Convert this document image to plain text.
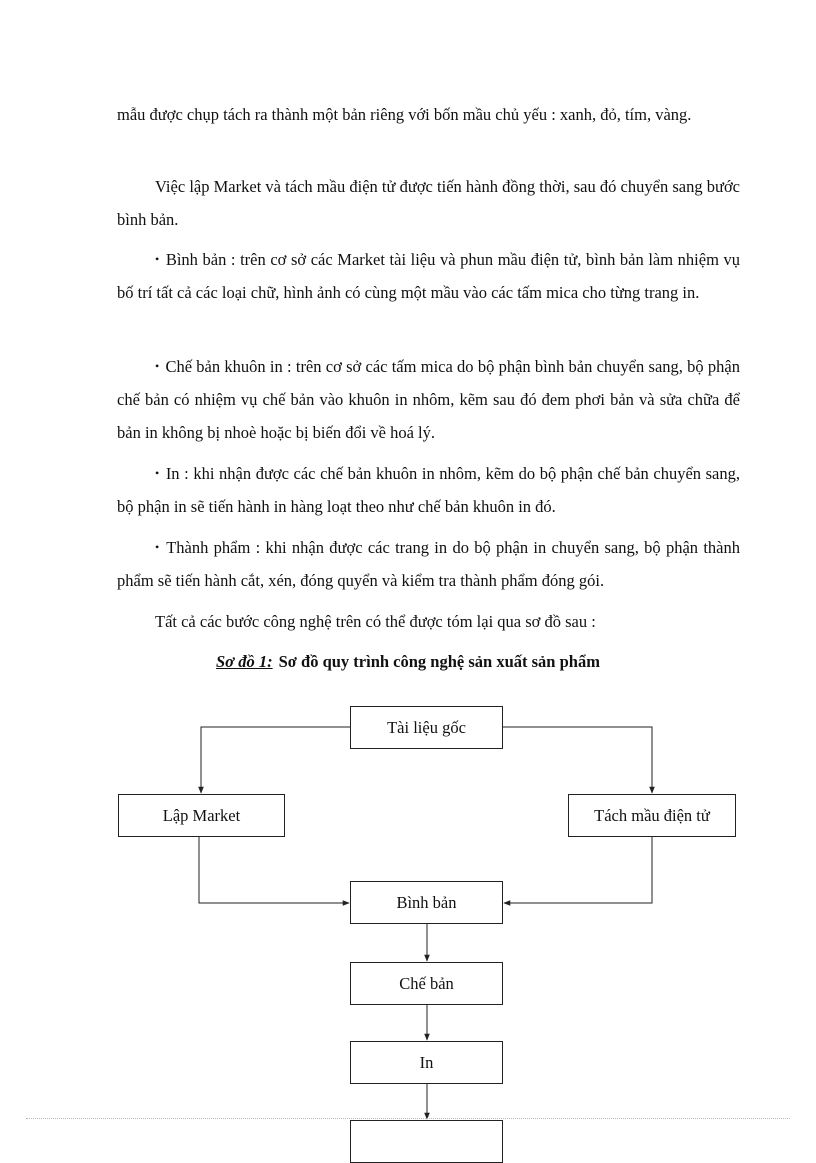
mẫu được chụp tách ra thành một bản riêng với bốn mầu chủ yếu : xanh, đỏ, tím, vàng.

Việc lập Market và tách mầu điện tử được tiến hành đồng thời, sau đó chuyển sang bước bình bản.

• Bình bản : trên cơ sở các Market tài liệu và phun mầu điện tử, bình bản làm nhiệm vụ bố trí tất cả các loại chữ, hình ảnh có cùng một mầu vào các tấm mica cho từng trang in.

• Chế bản khuôn in : trên cơ sở các tấm mica do bộ phận bình bản chuyển sang, bộ phận chế bản có nhiệm vụ chế bản vào khuôn in nhôm, kẽm sau đó đem phơi bản và sửa chữa để bản in không bị nhoè hoặc bị biến đổi về hoá lý.

• In : khi nhận được các chế bản khuôn in nhôm, kẽm do bộ phận chế bản chuyển sang, bộ phận in sẽ tiến hành in hàng loạt theo như chế bản khuôn in đó.

• Thành phẩm : khi nhận được các trang in do bộ phận in chuyển sang, bộ phận thành phẩm sẽ tiến hành cắt, xén, đóng quyển và kiểm tra thành phẩm đóng gói.

Tất cả các bước công nghệ trên có thể được tóm lại qua sơ đồ sau :

Sơ đồ 1: Sơ đồ quy trình công nghệ sản xuất sản phẩm
Tài liệu gốc
Lập Market	Tách mầu điện tử
Bình bản
Chế bản
In
